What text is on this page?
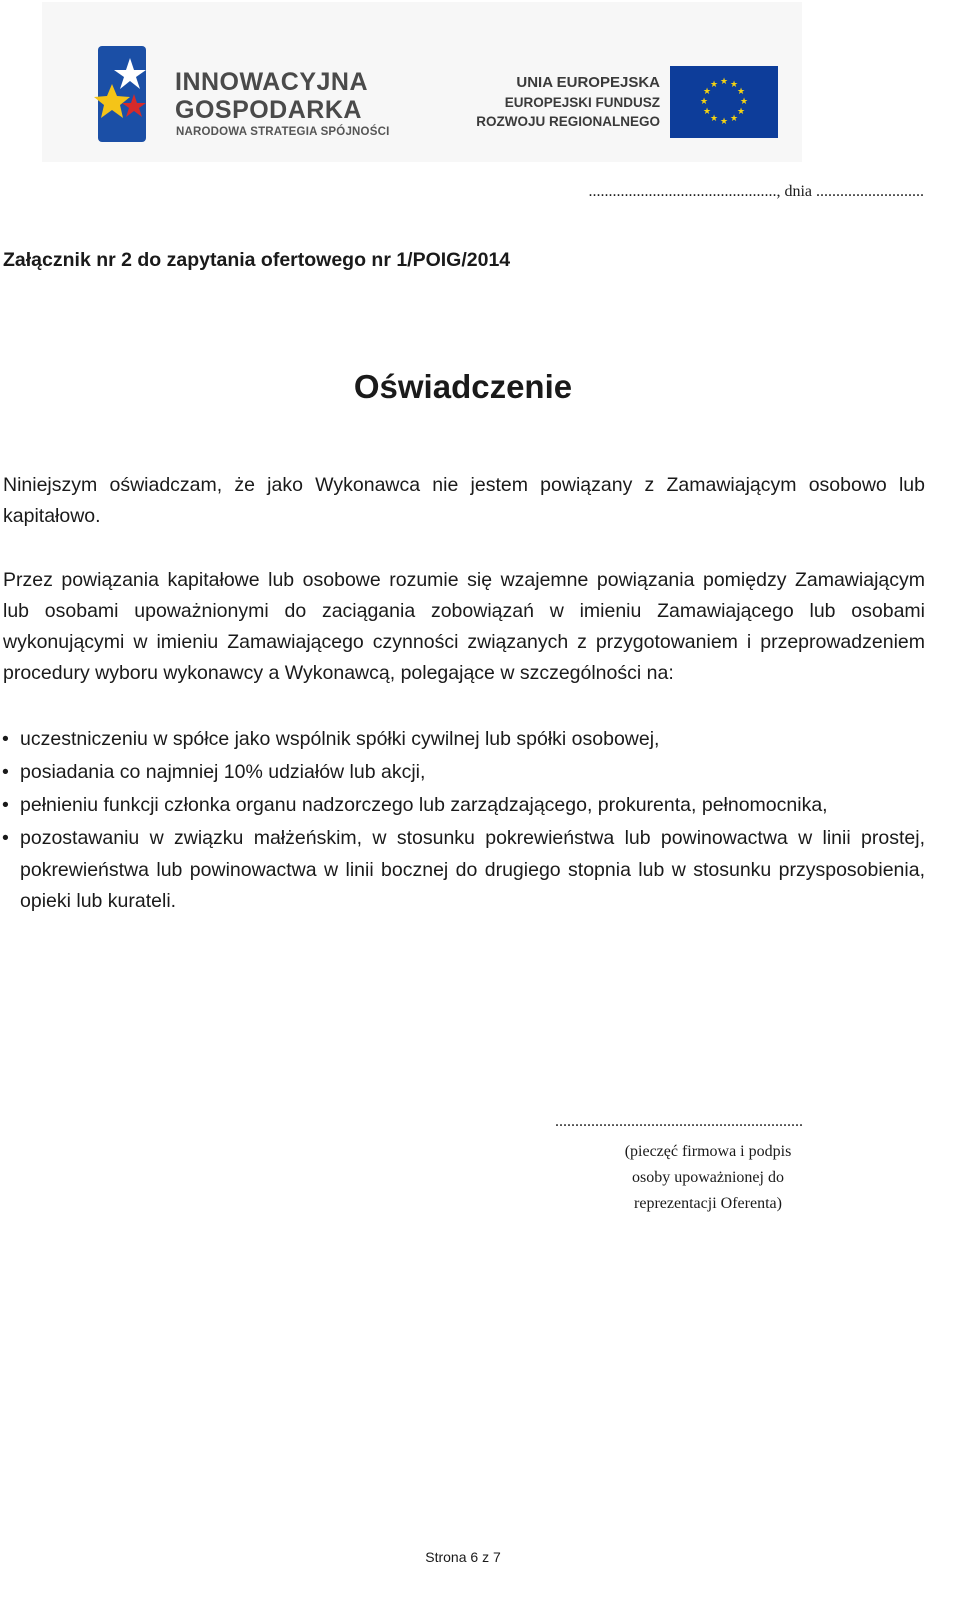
INNOWACYJNA
GOSPODARKA
NARODOWA STRATEGIA SPÓJNOŚCI
UNIA EUROPEJSKA
EUROPEJSKI FUNDUSZ
ROZWOJU REGIONALNEGO
★ ★
★
★
★
★
★
★
★
★
★
★
..............................................., dnia ...........................
Załącznik nr 2 do zapytania ofertowego nr 1/POIG/2014
Oświadczenie
Niniejszym oświadczam, że jako Wykonawca nie jestem powiązany z Zamawiającym osobowo lub kapitałowo.
Przez powiązania kapitałowe lub osobowe rozumie się wzajemne powiązania pomiędzy Zamawiającym lub osobami upoważnionymi do zaciągania zobowiązań w imieniu Zamawiającego lub osobami wykonującymi w imieniu Zamawiającego czynności związanych z przygotowaniem i przeprowadzeniem procedury wyboru wykonawcy a Wykonawcą, polegające w szczególności na:
• uczestniczeniu w spółce jako wspólnik spółki cywilnej lub spółki osobowej,
• posiadania co najmniej 10% udziałów lub akcji,
• pełnieniu funkcji członka organu nadzorczego lub zarządzającego, prokurenta, pełnomocnika,
• pozostawaniu w związku małżeńskim, w stosunku pokrewieństwa lub powinowactwa w linii prostej, pokrewieństwa lub powinowactwa w linii bocznej do drugiego stopnia lub w stosunku przysposobienia, opieki lub kurateli.
..............................................................
(pieczęć firmowa i podpis
osoby upoważnionej do
reprezentacji Oferenta)
Strona 6 z 7
